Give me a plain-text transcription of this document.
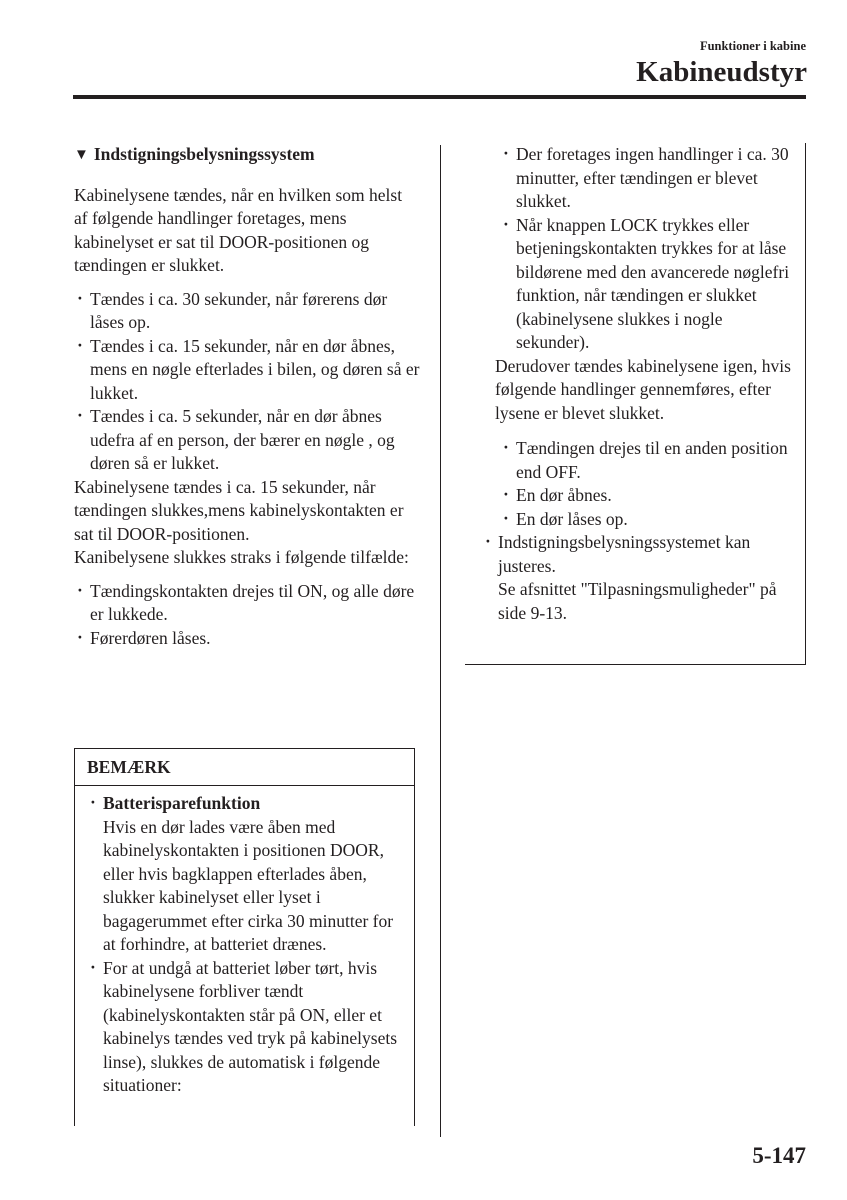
Funktioner i kabine
Kabineudstyr
▼ Indstigningsbelysningssystem

Kabinelysene tændes, når en hvilken som helst af følgende handlinger foretages, mens kabinelyset er sat til DOOR-positionen og tændingen er slukket.

· Tændes i ca. 30 sekunder, når førerens dør låses op.
· Tændes i ca. 15 sekunder, når en dør åbnes, mens en nøgle efterlades i bilen, og døren så er lukket.
· Tændes i ca. 5 sekunder, når en dør åbnes udefra af en person, der bærer en nøgle , og døren så er lukket.

Kabinelysene tændes i ca. 15 sekunder, når tændingen slukkes,mens kabinelyskontakten er sat til DOOR-positionen.

Kanibelysene slukkes straks i følgende tilfælde:

· Tændingskontakten drejes til ON, og alle døre er lukkede.
· Førerdøren låses.
BEMÆRK
· Batterisparefunktion
Hvis en dør lades være åben med kabinelyskontakten i positionen DOOR, eller hvis bagklappen efterlades åben, slukker kabinelyset eller lyset i bagagerummet efter cirka 30 minutter for at forhindre, at batteriet drænes.
· For at undgå at batteriet løber tørt, hvis kabinelysene forbliver tændt (kabinelyskontakten står på ON, eller et kabinelys tændes ved tryk på kabinelysets linse), slukkes de automatisk i følgende situationer:
· Der foretages ingen handlinger i ca. 30 minutter, efter tændingen er blevet slukket.
· Når knappen LOCK trykkes eller betjeningskontakten trykkes for at låse bildørene med den avancerede nøglefri funktion, når tændingen er slukket (kabinelysene slukkes i nogle sekunder).

Derudover tændes kabinelysene igen, hvis følgende handlinger gennemføres, efter lysene er blevet slukket.

· Tændingen drejes til en anden position end OFF.
· En dør åbnes.
· En dør låses op.
· Indstigningsbelysningssystemet kan justeres.
Se afsnittet "Tilpasningsmuligheder" på side 9-13.
5-147
